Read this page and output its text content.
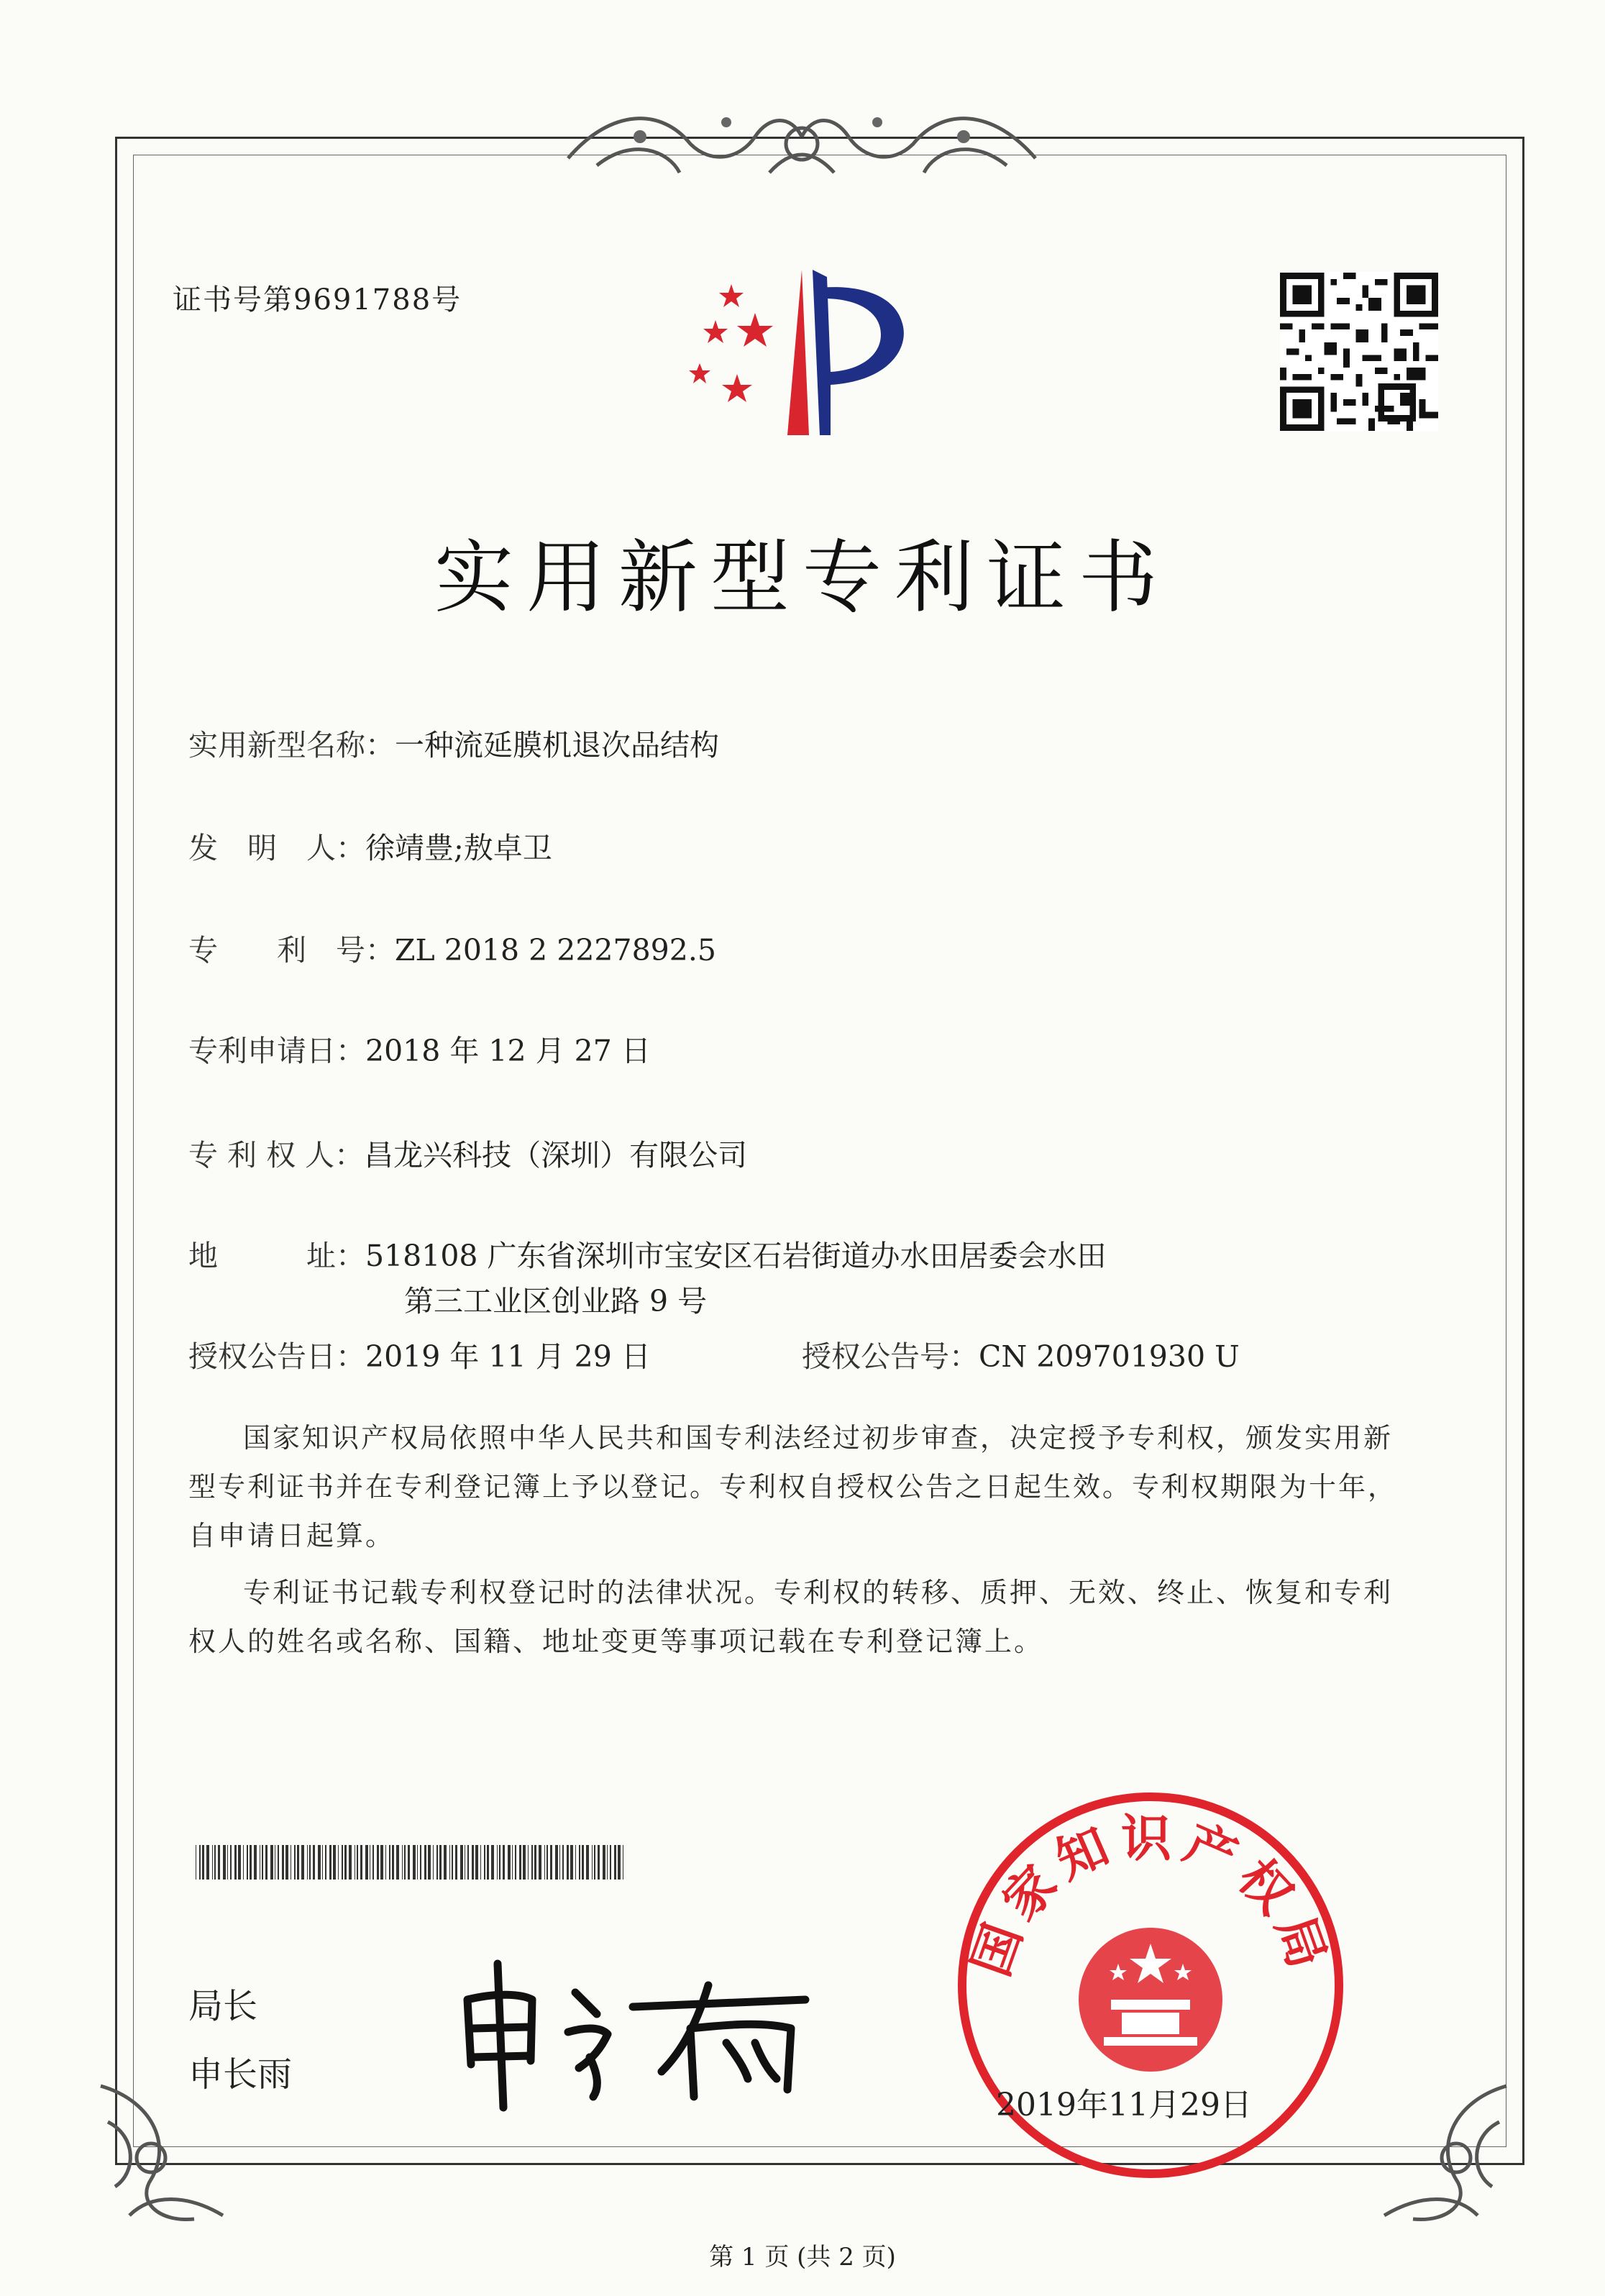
证书号第9691788号
实用新型专利证书
实用新型名称：一种流延膜机退次品结构
发　明　人：徐靖豊;敖卓卫
专　　利　号：ZL 2018 2 2227892.5
专利申请日：2018 年 12 月 27 日
专 利 权 人：昌龙兴科技（深圳）有限公司
地　　　址：518108 广东省深圳市宝安区石岩街道办水田居委会水田
第三工业区创业路 9 号
授权公告日：2019 年 11 月 29 日	授权公告号：CN 209701930 U
国家知识产权局依照中华人民共和国专利法经过初步审查，决定授予专利权，颁发实用新型专利证书并在专利登记簿上予以登记。专利权自授权公告之日起生效。专利权期限为十年，自申请日起算。
专利证书记载专利权登记时的法律状况。专利权的转移、质押、无效、终止、恢复和专利权人的姓名或名称、国籍、地址变更等事项记载在专利登记簿上。
局长
申长雨
国家知识产权局
2019年11月29日
第 1 页 (共 2 页)
